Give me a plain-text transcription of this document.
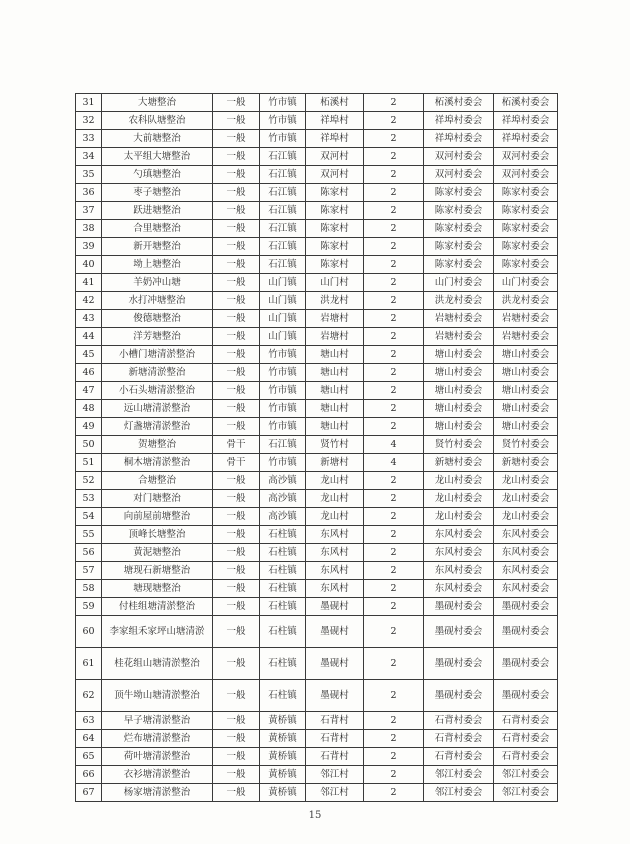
31	大塘整治	一般	竹市镇	柘溪村	2	柘溪村委会	柘溪村委会
32	农科队塘整治	一般	竹市镇	祥埠村	2	祥埠村委会	祥埠村委会
33	大前塘整治	一般	竹市镇	祥埠村	2	祥埠村委会	祥埠村委会
34	太平组大塘整治	一般	石江镇	双河村	2	双河村委会	双河村委会
35	勺瑱塘整治	一般	石江镇	双河村	2	双河村委会	双河村委会
36	枣子塘整治	一般	石江镇	陈家村	2	陈家村委会	陈家村委会
37	跃进塘整治	一般	石江镇	陈家村	2	陈家村委会	陈家村委会
38	合里塘整治	一般	石江镇	陈家村	2	陈家村委会	陈家村委会
39	新开塘整治	一般	石江镇	陈家村	2	陈家村委会	陈家村委会
40	坳上塘整治	一般	石江镇	陈家村	2	陈家村委会	陈家村委会
41	羊奶冲山塘	一般	山门镇	山门村	2	山门村委会	山门村委会
42	水打冲塘整治	一般	山门镇	洪龙村	2	洪龙村委会	洪龙村委会
43	俊德塘整治	一般	山门镇	岩塘村	2	岩塘村委会	岩塘村委会
44	洋芳塘整治	一般	山门镇	岩塘村	2	岩塘村委会	岩塘村委会
45	小槽门塘清淤整治	一般	竹市镇	塘山村	2	塘山村委会	塘山村委会
46	新塘清淤整治	一般	竹市镇	塘山村	2	塘山村委会	塘山村委会
47	小石头塘清淤整治	一般	竹市镇	塘山村	2	塘山村委会	塘山村委会
48	远山塘清淤整治	一般	竹市镇	塘山村	2	塘山村委会	塘山村委会
49	灯盏塘清淤整治	一般	竹市镇	塘山村	2	塘山村委会	塘山村委会
50	贺塘整治	骨干	石江镇	贤竹村	4	贤竹村委会	贤竹村委会
51	桐木塘清淤整治	骨干	竹市镇	新塘村	4	新塘村委会	新塘村委会
52	合塘整治	一般	高沙镇	龙山村	2	龙山村委会	龙山村委会
53	对门塘整治	一般	高沙镇	龙山村	2	龙山村委会	龙山村委会
54	向前屋前塘整治	一般	高沙镇	龙山村	2	龙山村委会	龙山村委会
55	顶峰长塘整治	一般	石柱镇	东风村	2	东风村委会	东风村委会
56	黄泥塘整治	一般	石柱镇	东风村	2	东风村委会	东风村委会
57	塘现石新塘整治	一般	石柱镇	东风村	2	东风村委会	东风村委会
58	塘现塘整治	一般	石柱镇	东风村	2	东风村委会	东风村委会
59	付桂组塘清淤整治	一般	石柱镇	墨砚村	2	墨砚村委会	墨砚村委会
60	李家组禾家坪山塘清淤	一般	石柱镇	墨砚村	2	墨砚村委会	墨砚村委会
61	桂花组山塘清淤整治	一般	石柱镇	墨砚村	2	墨砚村委会	墨砚村委会
62	顶牛坳山塘清淤整治	一般	石柱镇	墨砚村	2	墨砚村委会	墨砚村委会
63	早子塘清淤整治	一般	黄桥镇	石背村	2	石背村委会	石背村委会
64	烂布塘清淤整治	一般	黄桥镇	石背村	2	石背村委会	石背村委会
65	荷叶塘清淤整治	一般	黄桥镇	石背村	2	石背村委会	石背村委会
66	衣衫塘清淤整治	一般	黄桥镇	邻江村	2	邻江村委会	邻江村委会
67	杨家塘清淤整治	一般	黄桥镇	邻江村	2	邻江村委会	邻江村委会
15
